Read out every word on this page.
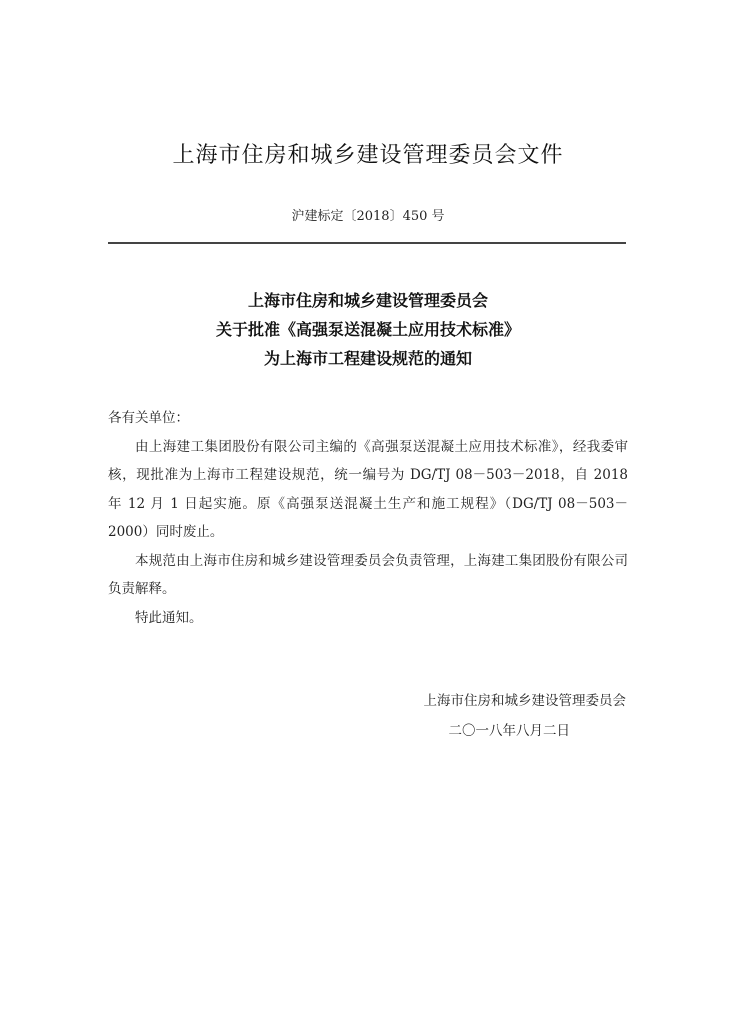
上海市住房和城乡建设管理委员会文件
沪建标定〔2018〕450 号
上海市住房和城乡建设管理委员会
关于批准《高强泵送混凝土应用技术标准》
为上海市工程建设规范的通知

各有关单位：

由上海建工集团股份有限公司主编的《高强泵送混凝土应用技术标准》，经我委审核，现批准为上海市工程建设规范，统一编号为 DG/TJ 08－503－2018，自 2018 年 12 月 1 日起实施。原《高强泵送混凝土生产和施工规程》（DG/TJ 08－503－2000）同时废止。

本规范由上海市住房和城乡建设管理委员会负责管理，上海建工集团股份有限公司负责解释。

特此通知。

上海市住房和城乡建设管理委员会
二〇一八年八月二日
